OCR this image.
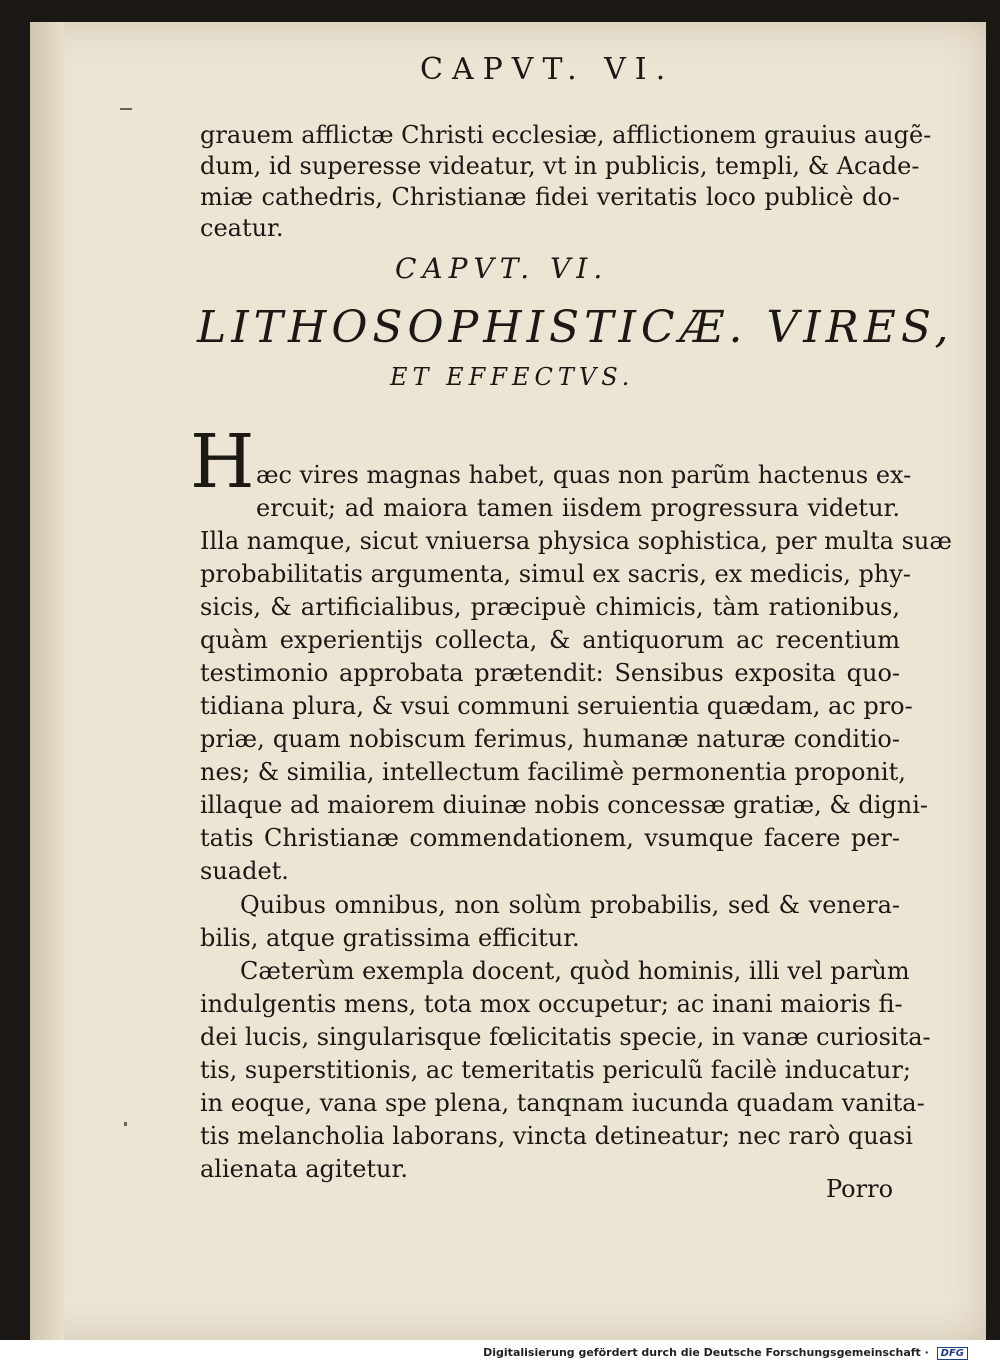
CAPVT. VI.
grauem afflictæ Christi ecclesiæ, afflictionem grauius augẽ-
dum, id superesse videatur, vt in publicis, templi, & Acade-
miæ cathedris, Christianæ fidei veritatis loco publicè do-
ceatur.
CAPVT. VI.
LITHOSOPHISTICÆ. VIRES,
ET EFFECTVS.
H æc vires magnas habet, quas non parũm hactenus ex-
ercuit; ad maiora tamen iisdem progressura videtur.
Illa namque, sicut vniuersa physica sophistica, per multa suæ
probabilitatis argumenta, simul ex sacris, ex medicis, phy-
sicis, & artificialibus, præcipuè chimicis, tàm rationibus,
quàm experientijs collecta, & antiquorum ac recentium
testimonio approbata prætendit: Sensibus exposita quo-
tidiana plura, & vsui communi seruientia quædam, ac pro-
priæ, quam nobiscum ferimus, humanæ naturæ conditio-
nes; & similia, intellectum facilimè permonentia proponit,
illaque ad maiorem diuinæ nobis concessæ gratiæ, & digni-
tatis Christianæ commendationem, vsumque facere per-
suadet.
Quibus omnibus, non solùm probabilis, sed & venera-
bilis, atque gratissima efficitur.
Cæterùm exempla docent, quòd hominis, illi vel parùm
indulgentis mens, tota mox occupetur; ac inani maioris fi-
dei lucis, singularisque fœlicitatis specie, in vanæ curiosita-
tis, superstitionis, ac temeritatis periculũ facilè inducatur;
in eoque, vana spe plena, tanqnam iucunda quadam vanita-
tis melancholia laborans, vincta detineatur; nec rarò quasi
alienata agitetur.
Porro
Digitalisierung gefördert durch die Deutsche Forschungsgemeinschaft · DFG
